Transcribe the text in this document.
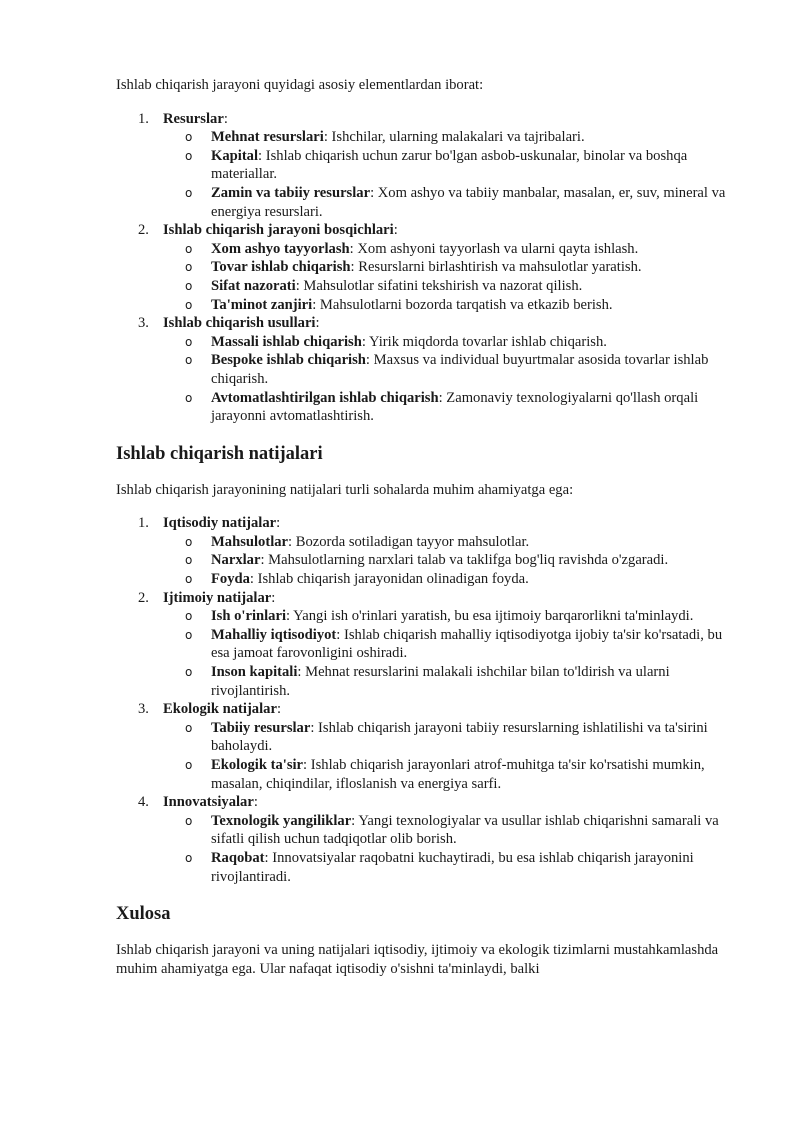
Ishlab chiqarish jarayoni quyidagi asosiy elementlardan iborat:

1. Resurslar:
o Mehnat resurslari: Ishchilar, ularning malakalari va tajribalari.
o Kapital: Ishlab chiqarish uchun zarur bo'lgan asbob-uskunalar, binolar va boshqa materiallar.
o Zamin va tabiiy resurslar: Xom ashyo va tabiiy manbalar, masalan, er, suv, mineral va energiya resurslari.
2. Ishlab chiqarish jarayoni bosqichlari:
o Xom ashyo tayyorlash: Xom ashyoni tayyorlash va ularni qayta ishlash.
o Tovar ishlab chiqarish: Resurslarni birlashtirish va mahsulotlar yaratish.
o Sifat nazorati: Mahsulotlar sifatini tekshirish va nazorat qilish.
o Ta'minot zanjiri: Mahsulotlarni bozorda tarqatish va etkazib berish.
3. Ishlab chiqarish usullari:
o Massali ishlab chiqarish: Yirik miqdorda tovarlar ishlab chiqarish.
o Bespoke ishlab chiqarish: Maxsus va individual buyurtmalar asosida tovarlar ishlab chiqarish.
o Avtomatlashtirilgan ishlab chiqarish: Zamonaviy texnologiyalarni qo'llash orqali jarayonni avtomatlashtirish.
Ishlab chiqarish natijalari

Ishlab chiqarish jarayonining natijalari turli sohalarda muhim ahamiyatga ega:

1. Iqtisodiy natijalar:
o Mahsulotlar: Bozorda sotiladigan tayyor mahsulotlar.
o Narxlar: Mahsulotlarning narxlari talab va taklifga bog'liq ravishda o'zgaradi.
o Foyda: Ishlab chiqarish jarayonidan olinadigan foyda.
2. Ijtimoiy natijalar:
o Ish o'rinlari: Yangi ish o'rinlari yaratish, bu esa ijtimoiy barqarorlikni ta'minlaydi.
o Mahalliy iqtisodiyot: Ishlab chiqarish mahalliy iqtisodiyotga ijobiy ta'sir ko'rsatadi, bu esa jamoat farovonligini oshiradi.
o Inson kapitali: Mehnat resurslarini malakali ishchilar bilan to'ldirish va ularni rivojlantirish.
3. Ekologik natijalar:
o Tabiiy resurslar: Ishlab chiqarish jarayoni tabiiy resurslarning ishlatilishi va ta'sirini baholaydi.
o Ekologik ta'sir: Ishlab chiqarish jarayonlari atrof-muhitga ta'sir ko'rsatishi mumkin, masalan, chiqindilar, ifloslanish va energiya sarfi.
4. Innovatsiyalar:
o Texnologik yangiliklar: Yangi texnologiyalar va usullar ishlab chiqarishni samarali va sifatli qilish uchun tadqiqotlar olib borish.
o Raqobat: Innovatsiyalar raqobatni kuchaytiradi, bu esa ishlab chiqarish jarayonini rivojlantiradi.
Xulosa

Ishlab chiqarish jarayoni va uning natijalari iqtisodiy, ijtimoiy va ekologik tizimlarni mustahkamlashda muhim ahamiyatga ega. Ular nafaqat iqtisodiy o'sishni ta'minlaydi, balki
